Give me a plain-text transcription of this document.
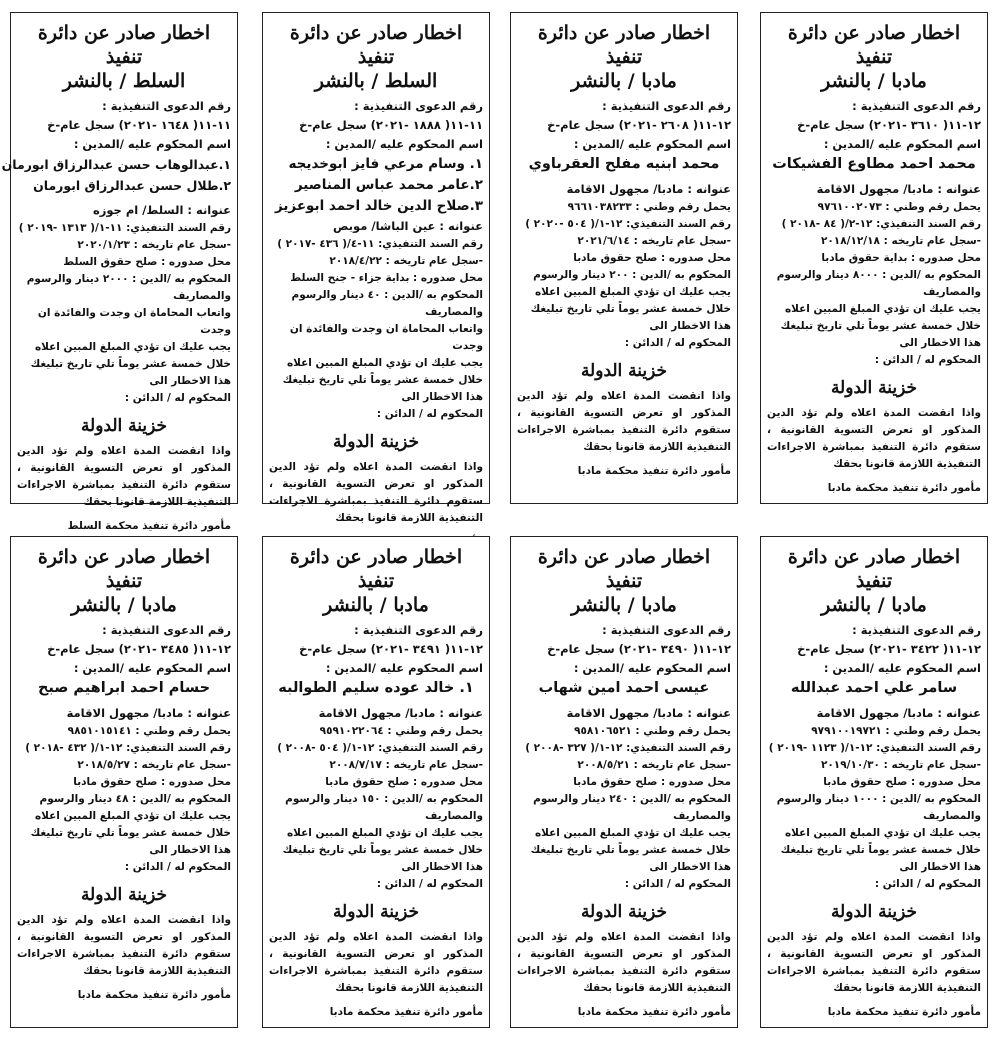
اخطار صادر عن دائرة تنفيذ
مادبا / بالنشر
رقم الدعوى التنفيذية :
١٢-١١( ٣٦١٠ -٢٠٢١) سجل عام-خ
اسم المحكوم عليه /المدين :
محمد احمد مطاوع الفشيكات
عنوانه : مادبا/ مجهول الاقامة
يحمل رقم وطني : ٩٧٦١٠٠٢٠٧٣
رقم السند التنفيذي: ١٢-٢/( ٨٤ -٢٠١٨ )
-سجل عام تاريخه : ٢٠١٨/١٢/١٨
محل صدوره : بداية حقوق مادبا
المحكوم به /الدين : ٨٠٠٠ دينار والرسوم والمصاريف
يجب عليك ان تؤدي المبلغ المبين اعلاه خلال خمسة عشر يوماً تلي تاريخ تبليغك هذا الاخطار الى
المحكوم له / الدائن :
خزينة الدولة
واذا انقضت المدة اعلاه ولم تؤد الدين المذكور او تعرض التسوية القانونية ، ستقوم دائرة التنفيذ بمباشرة الاجراءات التنفيذية اللازمة قانونا بحقك
مأمور دائرة تنفيذ محكمة مادبا
اخطار صادر عن دائرة تنفيذ
مادبا / بالنشر
رقم الدعوى التنفيذية :
١٢-١١( ٢٦٠٨ -٢٠٢١) سجل عام-خ
اسم المحكوم عليه /المدين :
محمد ابنيه مفلح العقرباوي
عنوانه : مادبا/ مجهول الاقامة
يحمل رقم وطني : ٩٦٦١٠٣٨٢٣٣
رقم السند التنفيذي: ١٢-١/( ٥٠٤ -٢٠٢٠ )
-سجل عام تاريخه : ٢٠٢١/٦/١٤
محل صدوره : صلح حقوق مادبا
المحكوم به /الدين : ٢٠٠ دينار والرسوم
يجب عليك ان تؤدي المبلغ المبين اعلاه خلال خمسة عشر يوماً تلي تاريخ تبليغك هذا الاخطار الى
المحكوم له / الدائن :
خزينة الدولة
واذا انقضت المدة اعلاه ولم تؤد الدين المذكور او تعرض التسوية القانونية ، ستقوم دائرة التنفيذ بمباشرة الاجراءات التنفيذية اللازمة قانونا بحقك
مأمور دائرة تنفيذ محكمة مادبا
اخطار صادر عن دائرة تنفيذ
السلط / بالنشر
رقم الدعوى التنفيذية :
١١-١١( ١٨٨٨ -٢٠٢١) سجل عام-خ
اسم المحكوم عليه /المدين :
١. وسام مرعي فايز ابوخديجه
٢.عامر محمد عباس المناصير
٣.صلاح الدين خالد احمد ابوعزيز
عنوانه : عين الباشا/ موبص
رقم السند التنفيذي: ١١-٤/( ٤٣٦ -٢٠١٧ )
-سجل عام تاريخه : ٢٠١٨/٤/٢٢
محل صدوره : بداية جزاء - جنح السلط
المحكوم به /الدين : ٤٠ دينار والرسوم والمصاريف
واتعاب المحاماة ان وجدت والفائدة ان وجدت
يجب عليك ان تؤدي المبلغ المبين اعلاه خلال خمسة عشر يوماً تلي تاريخ تبليغك هذا الاخطار الى
المحكوم له / الدائن :
خزينة الدولة
واذا انقضت المدة اعلاه ولم تؤد الدين المذكور او تعرض التسوية القانونية ، ستقوم دائرة التنفيذ بمباشرة الاجراءات التنفيذية اللازمة قانونا بحقك
اخطار صادر عن دائرة تنفيذ
السلط / بالنشر
رقم الدعوى التنفيذية :
١١-١١( ١٦٤٨ -٢٠٢١) سجل عام-خ
اسم المحكوم عليه /المدين :
١.عبدالوهاب حسن عبدالرزاق ابورمان
٢.طلال حسن عبدالرزاق ابورمان
عنوانه : السلط/ ام جوزه
رقم السند التنفيذي: ١١-١/( ١٣١٣ -٢٠١٩ )
-سجل عام تاريخه : ٢٠٢٠/١/٢٣
محل صدوره : صلح حقوق السلط
المحكوم به /الدين : ٢٠٠٠ دينار والرسوم والمصاريف
واتعاب المحاماة ان وجدت والفائدة ان وجدت
يجب عليك ان تؤدي المبلغ المبين اعلاه خلال خمسة عشر يوماً تلي تاريخ تبليغك هذا الاخطار الى
المحكوم له / الدائن :
خزينة الدولة
واذا انقضت المدة اعلاه ولم تؤد الدين المذكور او تعرض التسوية القانونية ، ستقوم دائرة التنفيذ بمباشرة الاجراءات التنفيذية اللازمة قانونا بحقك
مأمور دائرة تنفيذ محكمة السلط
اخطار صادر عن دائرة تنفيذ
مادبا / بالنشر
رقم الدعوى التنفيذية :
١٢-١١( ٣٤٢٢ -٢٠٢١) سجل عام-خ
اسم المحكوم عليه /المدين :
سامر علي احمد عبدالله
عنوانه : مادبا/ مجهول الاقامة
يحمل رقم وطني : ٩٧٩١٠٠١٩٧٢١
رقم السند التنفيذي: ١٢-١/( ١١٢٣ -٢٠١٩ )
-سجل عام تاريخه : ٢٠١٩/١٠/٣٠
محل صدوره : صلح حقوق مادبا
المحكوم به /الدين : ١٠٠٠ دينار والرسوم والمصاريف
يجب عليك ان تؤدي المبلغ المبين اعلاه خلال خمسة عشر يوماً تلي تاريخ تبليغك هذا الاخطار الى
المحكوم له / الدائن :
خزينة الدولة
واذا انقضت المدة اعلاه ولم تؤد الدين المذكور او تعرض التسوية القانونية ، ستقوم دائرة التنفيذ بمباشرة الاجراءات التنفيذية اللازمة قانونا بحقك
مأمور دائرة تنفيذ محكمة مادبا
اخطار صادر عن دائرة تنفيذ
مادبا / بالنشر
رقم الدعوى التنفيذية :
١٢-١١( ٣٤٩٠ -٢٠٢١) سجل عام-خ
اسم المحكوم عليه /المدين :
عيسى احمد امين شهاب
عنوانه : مادبا/ مجهول الاقامة
يحمل رقم وطني : ٩٥٨١٠٦٥٢١
رقم السند التنفيذي: ١٢-١/( ٣٢٧ -٢٠٠٨ )
-سجل عام تاريخه : ٢٠٠٨/٥/٢١
محل صدوره : صلح حقوق مادبا
المحكوم به /الدين : ٢٤٠ دينار والرسوم والمصاريف
يجب عليك ان تؤدي المبلغ المبين اعلاه خلال خمسة عشر يوماً تلي تاريخ تبليغك هذا الاخطار الى
المحكوم له / الدائن :
خزينة الدولة
واذا انقضت المدة اعلاه ولم تؤد الدين المذكور او تعرض التسوية القانونية ، ستقوم دائرة التنفيذ بمباشرة الاجراءات التنفيذية اللازمة قانونا بحقك
مأمور دائرة تنفيذ محكمة مادبا
اخطار صادر عن دائرة تنفيذ
مادبا / بالنشر
رقم الدعوى التنفيذية :
١٢-١١( ٣٤٩١ -٢٠٢١) سجل عام-خ
اسم المحكوم عليه /المدين :
١. خالد عوده سليم الطوالبه
عنوانه : مادبا/ مجهول الاقامة
يحمل رقم وطني : ٩٥٩١٠٢٢٠٦٤
رقم السند التنفيذي: ١٢-١/( ٥٠٤ -٢٠٠٨ )
-سجل عام تاريخه : ٢٠٠٨/٧/١٧
محل صدوره : صلح حقوق مادبا
المحكوم به /الدين : ١٥٠ دينار والرسوم والمصاريف
يجب عليك ان تؤدي المبلغ المبين اعلاه خلال خمسة عشر يوماً تلي تاريخ تبليغك هذا الاخطار الى
المحكوم له / الدائن :
خزينة الدولة
واذا انقضت المدة اعلاه ولم تؤد الدين المذكور او تعرض التسوية القانونية ، ستقوم دائرة التنفيذ بمباشرة الاجراءات التنفيذية اللازمة قانونا بحقك
مأمور دائرة تنفيذ محكمة مادبا
اخطار صادر عن دائرة تنفيذ
مادبا / بالنشر
رقم الدعوى التنفيذية :
١٢-١١( ٣٤٨٥ -٢٠٢١) سجل عام-خ
اسم المحكوم عليه /المدين :
حسام احمد ابراهيم صبح
عنوانه : مادبا/ مجهول الاقامة
يحمل رقم وطني : ٩٨٥١٠١٥١٤١
رقم السند التنفيذي: ١٢-١/( ٤٣٢ -٢٠١٨ )
-سجل عام تاريخه : ٢٠١٨/٥/٢٧
محل صدوره : صلح حقوق مادبا
المحكوم به /الدين : ٤٨ دينار والرسوم
يجب عليك ان تؤدي المبلغ المبين اعلاه خلال خمسة عشر يوماً تلي تاريخ تبليغك هذا الاخطار الى
المحكوم له / الدائن :
خزينة الدولة
واذا انقضت المدة اعلاه ولم تؤد الدين المذكور او تعرض التسوية القانونية ، ستقوم دائرة التنفيذ بمباشرة الاجراءات التنفيذية اللازمة قانونا بحقك
مأمور دائرة تنفيذ محكمة مادبا
